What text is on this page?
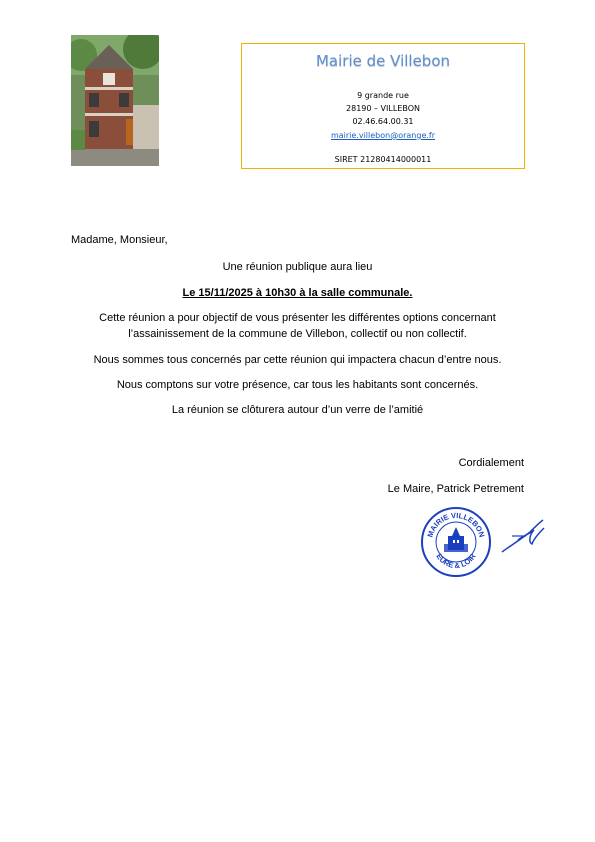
Mairie de Villebon
9 grande rue
28190 – VILLEBON
02.46.64.00.31
mairie.villebon@orange.fr
SIRET 21280414000011
Madame, Monsieur,
Une réunion publique aura lieu
Le 15/11/2025 à 10h30 à la salle communale.
Cette réunion a pour objectif de vous présenter les différentes options concernant
l’assainissement de la commune de Villebon, collectif ou non collectif.
Nous sommes tous concernés par cette réunion qui impactera chacun d’entre nous.
Nous comptons sur votre présence, car tous les habitants sont concernés.
La réunion se clôturera autour d’un verre de l’amitié
Cordialement
Le Maire, Patrick Petrement
MAIRIE VILLEBON
EURE & LOIR
